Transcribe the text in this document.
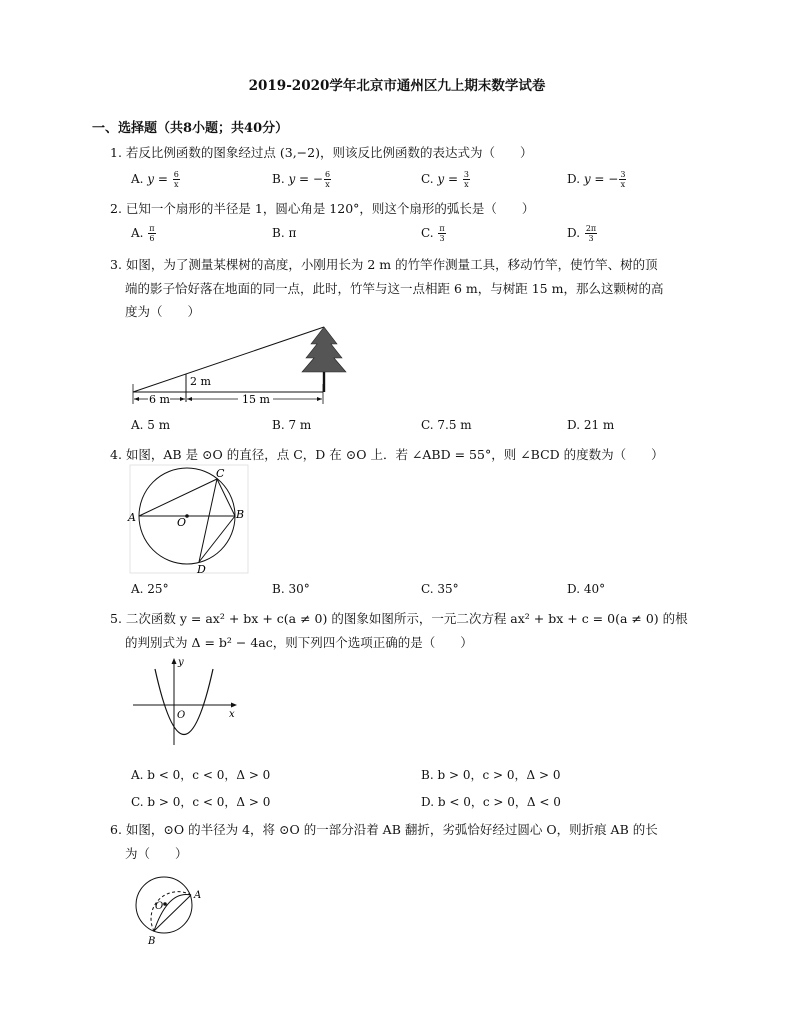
2019-2020学年北京市通州区九上期末数学试卷
一、选择题（共8小题；共40分）
1. 若反比例函数的图象经过点 (3,−2)，则该反比例函数的表达式为（　　）
A. $y = \frac{6}{x}$	B. y = − $\frac{6}{x}$	C. $y = \frac{3}{x}$	D. y = − $\frac{3}{x}$
2. 已知一个扇形的半径是 1，圆心角是 120°，则这个扇形的弧长是（　　）
A. $\frac{\pi}{6}$	B. π	C. $\frac{\pi}{3}$	D. $\frac{2\pi}{3}$
3. 如图，为了测量某棵树的高度，小刚用长为 2 m 的竹竿作测量工具，移动竹竿，使竹竿、树的顶
端的影子恰好落在地面的同一点，此时，竹竿与这一点相距 6 m，与树距 15 m，那么这颗树的高
度为（　　）
2 m
6 m	15 m
A. 5 m	B. 7 m	C. 7.5 m	D. 21 m
4. 如图，AB 是 ⊙O 的直径，点 C，D 在 ⊙O 上．若 ∠ABD = 55°，则 ∠BCD 的度数为（　　）
A	B
C
D
O
A. 25°	B. 30°	C. 35°	D. 40°
5. 二次函数 y = ax² + bx + c(a ≠ 0) 的图象如图所示，一元二次方程 ax² + bx + c = 0(a ≠ 0) 的根
的判别式为 Δ = b² − 4ac，则下列四个选项正确的是（　　）
y
x
O
A. b < 0，c < 0，Δ > 0	B. b > 0，c > 0，Δ > 0
C. b > 0，c < 0，Δ > 0	D. b < 0，c > 0，Δ < 0
6. 如图，⊙O 的半径为 4，将 ⊙O 的一部分沿着 AB 翻折，劣弧恰好经过圆心 O，则折痕 AB 的长
为（　　）
O
A
B
